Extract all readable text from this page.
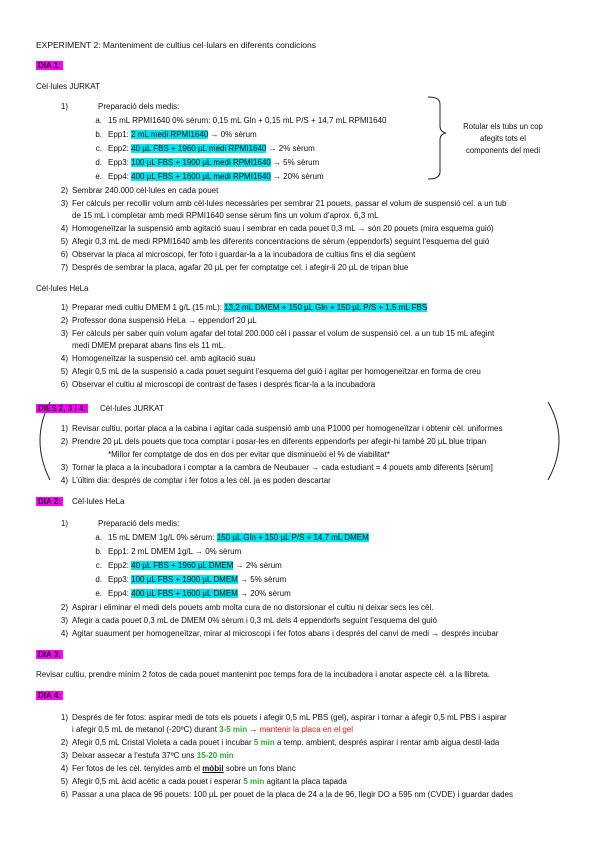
EXPERIMENT 2: Manteniment de cultius cel·lulars en diferents condicions
DIA 1:
Cèl·lules JURKAT
1)	Preparació dels medis:
a. 15 mL RPMI1640 0% sèrum: 0,15 mL Gln + 0,15 mL P/S + 14,7 mL RPMI1640
b. Epp1: 2 mL medi RPMI1640 → 0% sèrum
c. Epp2: 40 µL FBS + 1960 µL medi RPMI1640 → 2% sèrum
d. Epp3: 100 µL FBS + 1900 µL medi RPMI1640 → 5% sèrum
e. Epp4: 400 µL FBS + 1600 µL medi RPMI1640 → 20% sèrum
Rotular els tubs un cop
afegits tots el
components del medi
2) Sembrar 240.000 cèl·lules en cada pouet
3) Fer càlculs per recollir volum amb cèl·lules necessàries per sembrar 21 pouets, passar el volum de suspensió cel. a un tub
de 15 mL i completar amb medi RPMI1640 sense sèrum fins un volum d’aprox. 6,3 mL
4) Homogeneïtzar la suspensió amb agitació suau i sembrar en cada pouet 0,3 mL → són 20 pouets (mira esquema guió)
5) Afegir 0,3 mL de medi RPMI1640 amb les diferents concentracions de sèrum (eppendorfs) seguint l’esquema del guió
6) Observar la placa al microscopi, fer foto i guardar-la a la incubadora de cultius fins el dia següent
7) Després de sembrar la placa, agafar 20 µL per fer comptatge cel. i afegir-li 20 µL de tripan blue
Cèl·lules HeLa
1) Preparar medi cultiu DMEM 1 g/L (15 mL): 13,2 mL DMEM + 150 µL Gln + 150 µL P/S + 1,5 mL FBS
2) Professor dona suspensió HeLa → eppendorf 20 µL
3) Fer càlculs per saber quin volum agafar del total 200.000 cèl i passar el volum de suspensió cel. a un tub 15 mL afegint
medi DMEM preparat abans fins els 11 mL.
4) Homogeneïtzar la suspensió cel. amb agitació suau
5) Afegir 0,5 mL de la suspensió a cada pouet seguint l’esquema del guió i agitar per homogeneïtzar en forma de creu
6) Observar el cultiu al microscopi de contrast de fases i després ficar-la a la incubadora
DIES 2, 3 i 4: Cèl·lules JURKAT
1) Revisar cultiu, portar placa a la cabina i agitar cada suspensió amb una P1000 per homogeneïtzar i obtenir cèl. uniformes
2) Prendre 20 µL dels pouets que toca comptar i posar-les en diferents eppendorfs per afegir-hi també 20 µL blue tripan
*Millor fer comptatge de dos en dos per evitar que disminueixi el % de viabilitat*
3) Tornar la placa a la incubadora i comptar a la cambra de Neubauer → cada estudiant = 4 pouets amb diferents [sèrum]
4) L’últim dia: després de comptar i fer fotos a les cèl. ja es poden descartar
DIA 2: Cèl·lules HeLa
1)	Preparació dels medis:
a. 15 mL DMEM 1g/L 0% sèrum: 150 µL Gln + 150 µL P/S + 14,7 mL DMEM
b. Epp1: 2 mL DMEM 1g/L → 0% sèrum
c. Epp2: 40 µL FBS + 1960 µL DMEM → 2% sèrum
d. Epp3: 100 µL FBS + 1900 µL DMEM → 5% sèrum
e. Epp4: 400 µL FBS + 1600 µL DMEM → 20% sèrum
2) Aspirar i eliminar el medi dels pouets amb molta cura de no distorsionar el cultiu ni deixar secs les cèl.
3) Afegir a cada pouet 0,3 mL de DMEM 0% sèrum i 0,3 mL dels 4 eppendorfs seguint l’esquema del guió
4) Agitar suaument per homogeneïtzar, mirar al microscopi i fer fotos abans i després del canvi de medi → després incubar
DIA 3:
Revisar cultiu, prendre mínim 2 fotos de cada pouet mantenint poc temps fora de la incubadora i anotar aspecte cèl. a la llibreta.
DIA 4:
1) Després de fer fotos: aspirar medi de tots els pouets i afegir 0,5 mL PBS (gel), aspirar i tornar a afegir 0,5 mL PBS i aspirar
i afegir 0,5 mL de metanol (-20ºC) durant 3-5 min → mantenir la placa en el gel
2) Afegir 0,5 mL Cristal Violeta a cada pouet i incubar 5 min a temp. ambient, després aspirar i rentar amb aigua destil·lada
3) Deixar assecar a l’estufa 37ºC uns 15-20 min
4) Fer fotos de les cèl. tenyides amb el mòbil sobre un fons blanc
5) Afegir 0,5 mL àcid acètic a cada pouet i esperar 5 min agitant la placa tapada
6) Passar a una placa de 96 pouets: 100 µL per pouet de la placa de 24 a la de 96, llegir DO a 595 nm (CVDE) i guardar dades
